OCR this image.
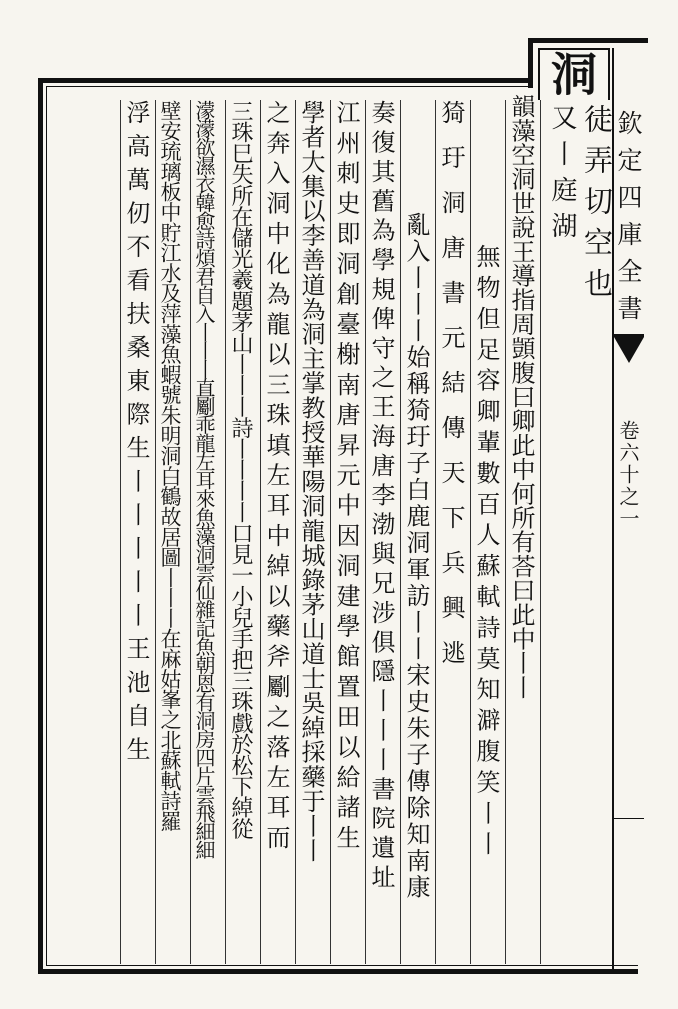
欽定四庫全書
卷六十之一
洞
徒弄切空也
又丨庭湖
韻藻空洞世說王導指周顗腹曰卿此中何所有荅曰此中丨丨
無物但足容卿輩數百人蘇軾詩莫知澼腹笑丨丨
猗玗洞唐書元結傳天下兵興逃
亂入丨丨丨始稱猗玗子白鹿洞軍訪丨丨宋史朱子傳除知南康
奏復其舊為學規俾守之王海唐李渤與兄涉俱隱丨丨丨書院遺址
江州刺史即洞創臺榭南唐昇元中因洞建學館置田以給諸生
學者大集以李善道為洞主掌教授華陽洞龍城錄茅山道士吳綽採藥于丨丨
之奔入洞中化為龍以三珠填左耳中綽以藥斧劚之落左耳而
三珠巳失所在儲光羲題茅山丨丨丨詩丨丨丨丨口見一小兒手把三珠戲於松下綽從
濛濛欲濕衣韓愈詩煩君自入丨丨丨直劚乖龍左耳來魚藻洞雲仙雜記魚朝恩有洞房四片雲飛細細
壁安琉璃板中貯江水及萍藻魚蝦號朱明洞白鶴故居圖丨丨丨在麻姑峯之北蘇軾詩羅
浮高萬仞不看扶桑東際生丨丨丨丨丨王池自生
